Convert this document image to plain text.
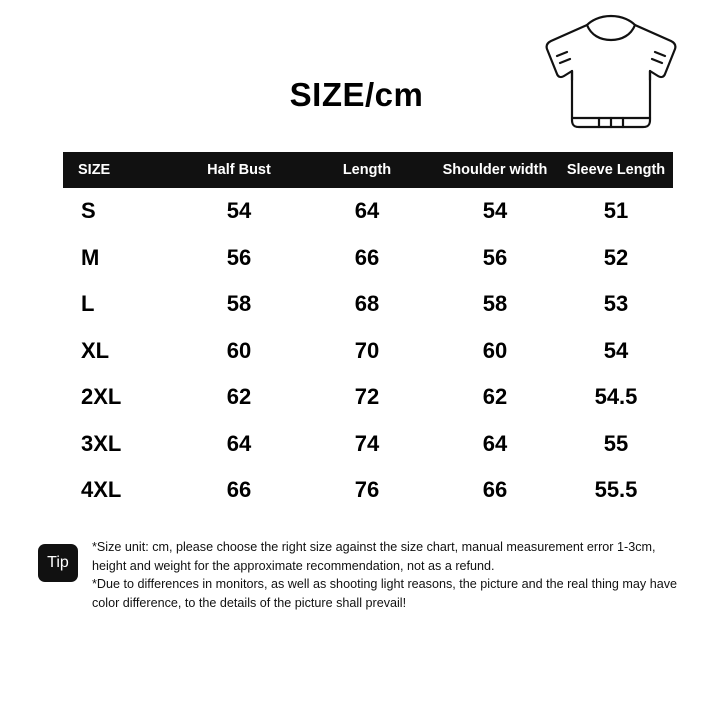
SIZE/cm
SIZE	Half Bust	Length	Shoulder width	Sleeve Length
S	54	64	54	51
M	56	66	56	52
L	58	68	58	53
XL	60	70	60	54
2XL	62	72	62	54.5
3XL	64	74	64	55
4XL	66	76	66	55.5
Tip

*Size unit: cm, please choose the right size against the size chart, manual measurement error 1-3cm, height and weight for the approximate recommendation, not as a refund.

*Due to differences in monitors, as well as shooting light reasons, the picture and the real thing may have color difference, to the details of the picture shall prevail!
